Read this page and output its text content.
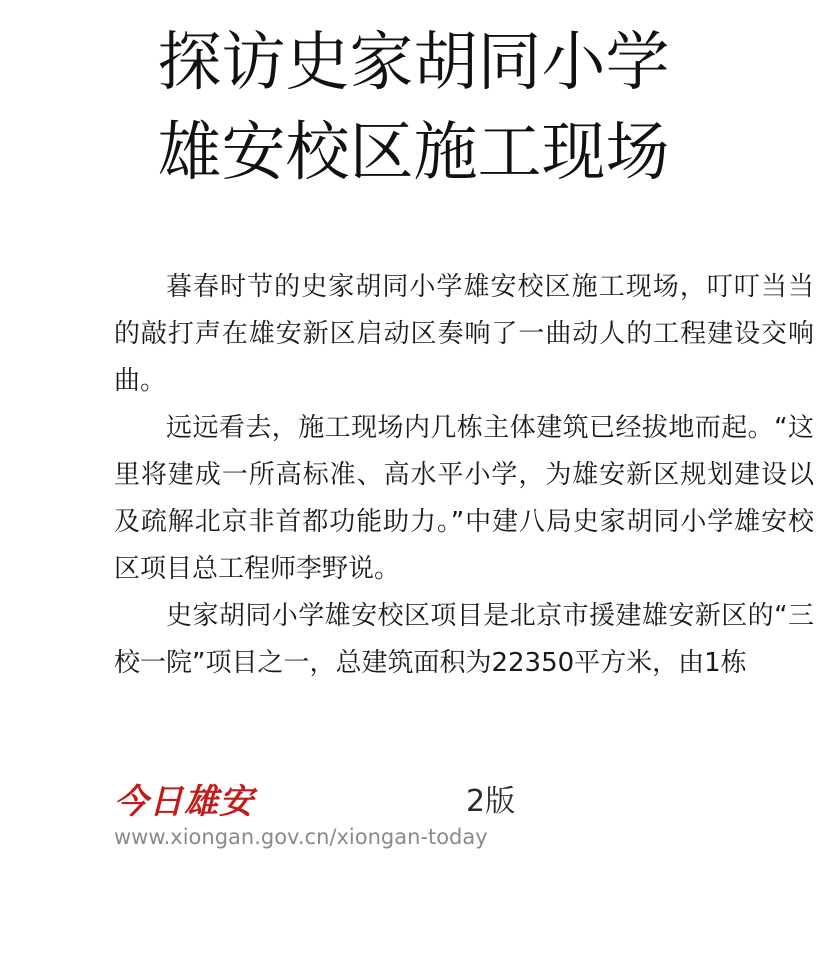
探访史家胡同小学
雄安校区施工现场

暮春时节的史家胡同小学雄安校区施工现场，叮叮当当的敲打声在雄安新区启动区奏响了一曲动人的工程建设交响曲。

远远看去，施工现场内几栋主体建筑已经拔地而起。“这里将建成一所高标准、高水平小学，为雄安新区规划建设以及疏解北京非首都功能助力。”中建八局史家胡同小学雄安校区项目总工程师李野说。

史家胡同小学雄安校区项目是北京市援建雄安新区的“三校一院”项目之一，总建筑面积为22350平方米，由1栋

今日雄安	2版
www.xiongan.gov.cn/xiongan-today
